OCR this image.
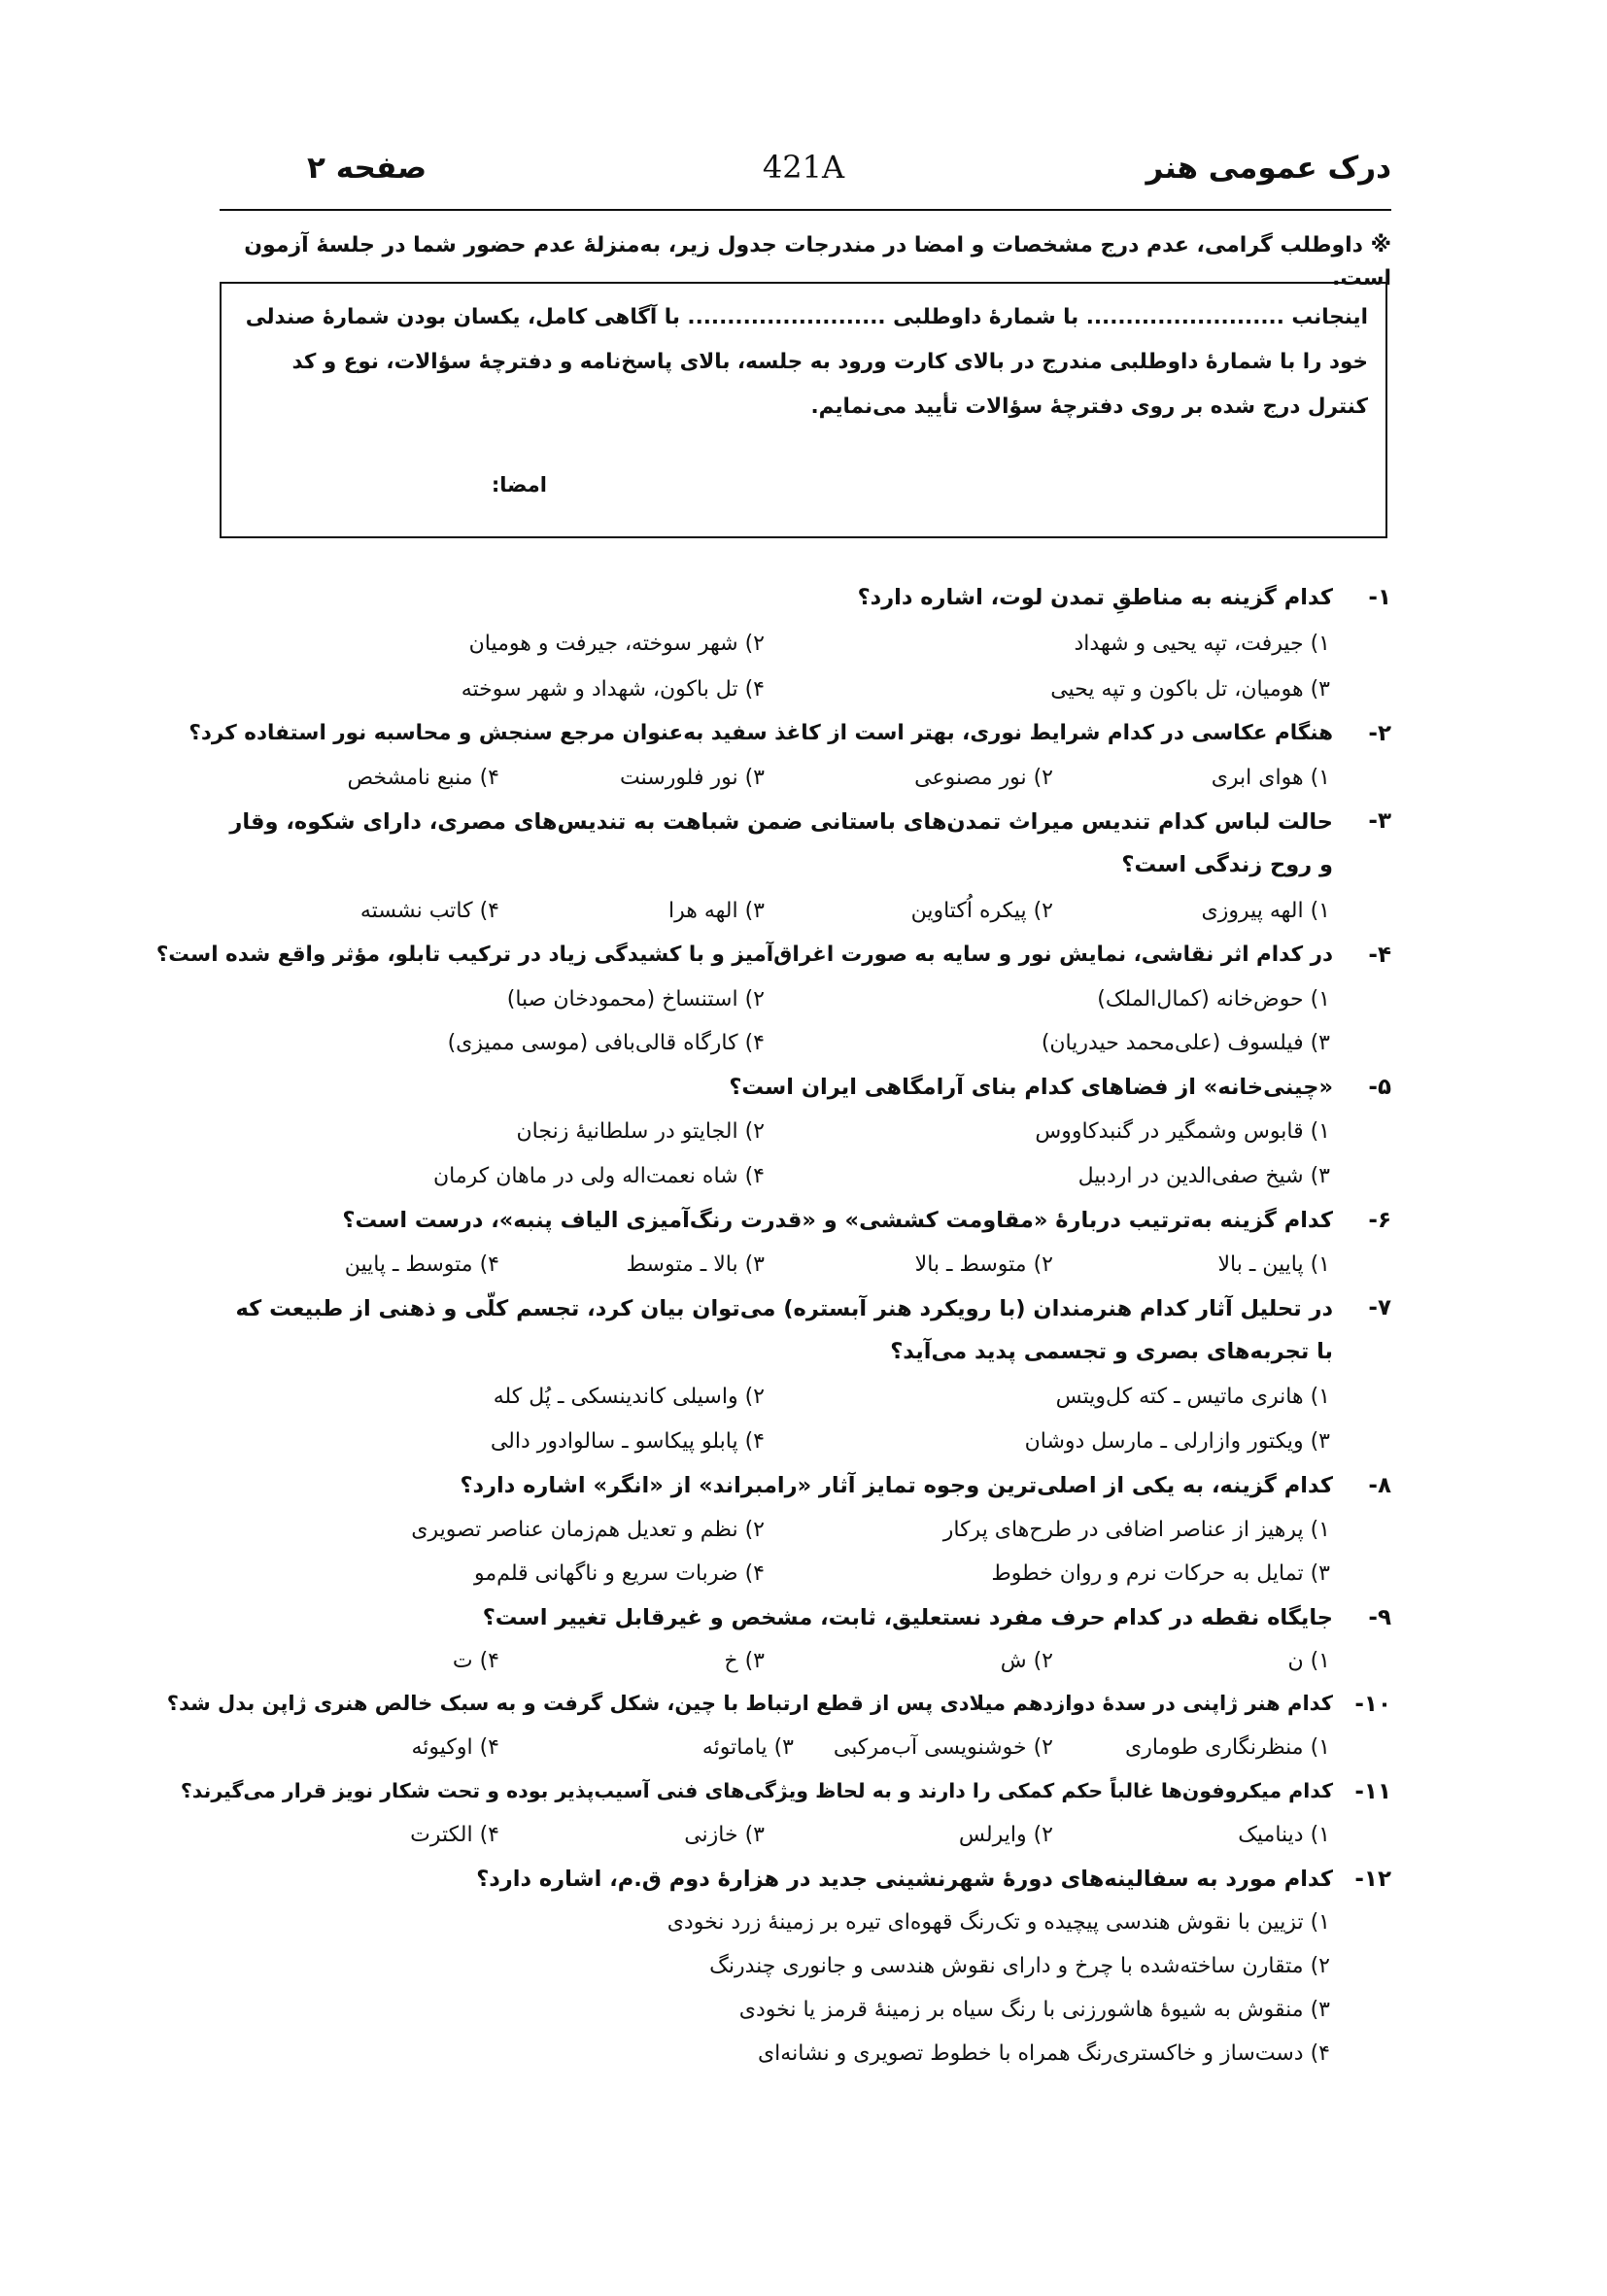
درک عمومی هنر
421A
صفحه ۲
※ داوطلب گرامی، عدم درج مشخصات و امضا در مندرجات جدول زیر، به‌منزلهٔ عدم حضور شما در جلسهٔ آزمون است.
اینجانب ......................... با شمارهٔ داوطلبی ......................... با آگاهی کامل، یکسان بودن شمارهٔ صندلی خود را با شمارهٔ داوطلبی مندرج در بالای کارت ورود به جلسه، بالای پاسخ‌نامه و دفترچهٔ سؤالات، نوع و کد کنترل درج شده بر روی دفترچهٔ سؤالات تأیید می‌نمایم.
امضا:
۱-
کدام گزینه به مناطقِ تمدن لوت، اشاره دارد؟
۱) جیرفت، تپه یحیی و شهداد
۲) شهر سوخته، جیرفت و هومیان
۳) هومیان، تل باکون و تپه یحیی
۴) تل باکون، شهداد و شهر سوخته
۲-
هنگام عکاسی در کدام شرایط نوری، بهتر است از کاغذ سفید به‌عنوان مرجع سنجش و محاسبه نور استفاده کرد؟
۱) هوای ابری
۲) نور مصنوعی
۳) نور فلورسنت
۴) منبع نامشخص
۳-
حالت لباس کدام تندیس میراث تمدن‌های باستانی ضمن شباهت به تندیس‌های مصری، دارای شکوه، وقار و روح زندگی است؟
۱) الهه پیروزی
۲) پیکره اُکتاوین
۳) الهه هرا
۴) کاتب نشسته
۴-
در کدام اثر نقاشی، نمایش نور و سایه به صورت اغراق‌آمیز و با کشیدگی زیاد در ترکیب تابلو، مؤثر واقع شده است؟
۱) حوض‌خانه (کمال‌الملک)
۲) استنساخ (محمودخان صبا)
۳) فیلسوف (علی‌محمد حیدریان)
۴) کارگاه قالی‌بافی (موسی ممیزی)
۵-
«چینی‌خانه» از فضاهای کدام بنای آرامگاهی ایران است؟
۱) قابوس وشمگیر در گنبدکاووس
۲) الجایتو در سلطانیهٔ زنجان
۳) شیخ صفی‌الدین در اردبیل
۴) شاه نعمت‌اله ولی در ماهان کرمان
۶-
کدام گزینه به‌ترتیب دربارهٔ «مقاومت کششی» و «قدرت رنگ‌آمیزی الیاف پنبه»، درست است؟
۱) پایین ـ بالا
۲) متوسط ـ بالا
۳) بالا ـ متوسط
۴) متوسط ـ پایین
۷-
در تحلیل آثار کدام هنرمندان (با رویکرد هنر آبستره) می‌توان بیان کرد، تجسم کلّی و ذهنی از طبیعت که با تجربه‌های بصری و تجسمی پدید می‌آید؟
۱) هانری ماتیس ـ کته کل‌ویتس
۲) واسیلی کاندینسکی ـ پُل کله
۳) ویکتور وازارلی ـ مارسل دوشان
۴) پابلو پیکاسو ـ سالوادور دالی
۸-
کدام گزینه، به یکی از اصلی‌ترین وجوه تمایز آثار «رامبراند» از «انگر» اشاره دارد؟
۱) پرهیز از عناصر اضافی در طرح‌های پرکار
۲) نظم و تعدیل هم‌زمان عناصر تصویری
۳) تمایل به حرکات نرم و روان خطوط
۴) ضربات سریع و ناگهانی قلم‌مو
۹-
جایگاه نقطه در کدام حرف مفرد نستعلیق، ثابت، مشخص و غیرقابل تغییر است؟
۱) ن
۲) ش
۳) خ
۴) ت
۱۰-
کدام هنر ژاپنی در سدهٔ دوازدهم میلادی پس از قطع ارتباط با چین، شکل گرفت و به سبک خالص هنری ژاپن بدل شد؟
۱) منظرنگاری طوماری
۲) خوشنویسی آب‌مرکبی
۳) یاماتوئه
۴) اوکیوئه
۱۱-
کدام میکروفون‌ها غالباً حکم کمکی را دارند و به لحاظ ویژگی‌های فنی آسیب‌پذیر بوده و تحت شکار نویز قرار می‌گیرند؟
۱) دینامیک
۲) وایرلس
۳) خازنی
۴) الکترت
۱۲-
کدام مورد به سفالینه‌های دورهٔ شهرنشینی جدید در هزارهٔ دوم ق.م، اشاره دارد؟
۱) تزیین با نقوش هندسی پیچیده و تک‌رنگ قهوه‌ای تیره بر زمینهٔ زرد نخودی
۲) متقارن ساخته‌شده با چرخ و دارای نقوش هندسی و جانوری چندرنگ
۳) منقوش به شیوهٔ هاشورزنی با رنگ سیاه بر زمینهٔ قرمز یا نخودی
۴) دست‌ساز و خاکستری‌رنگ همراه با خطوط تصویری و نشانه‌ای
